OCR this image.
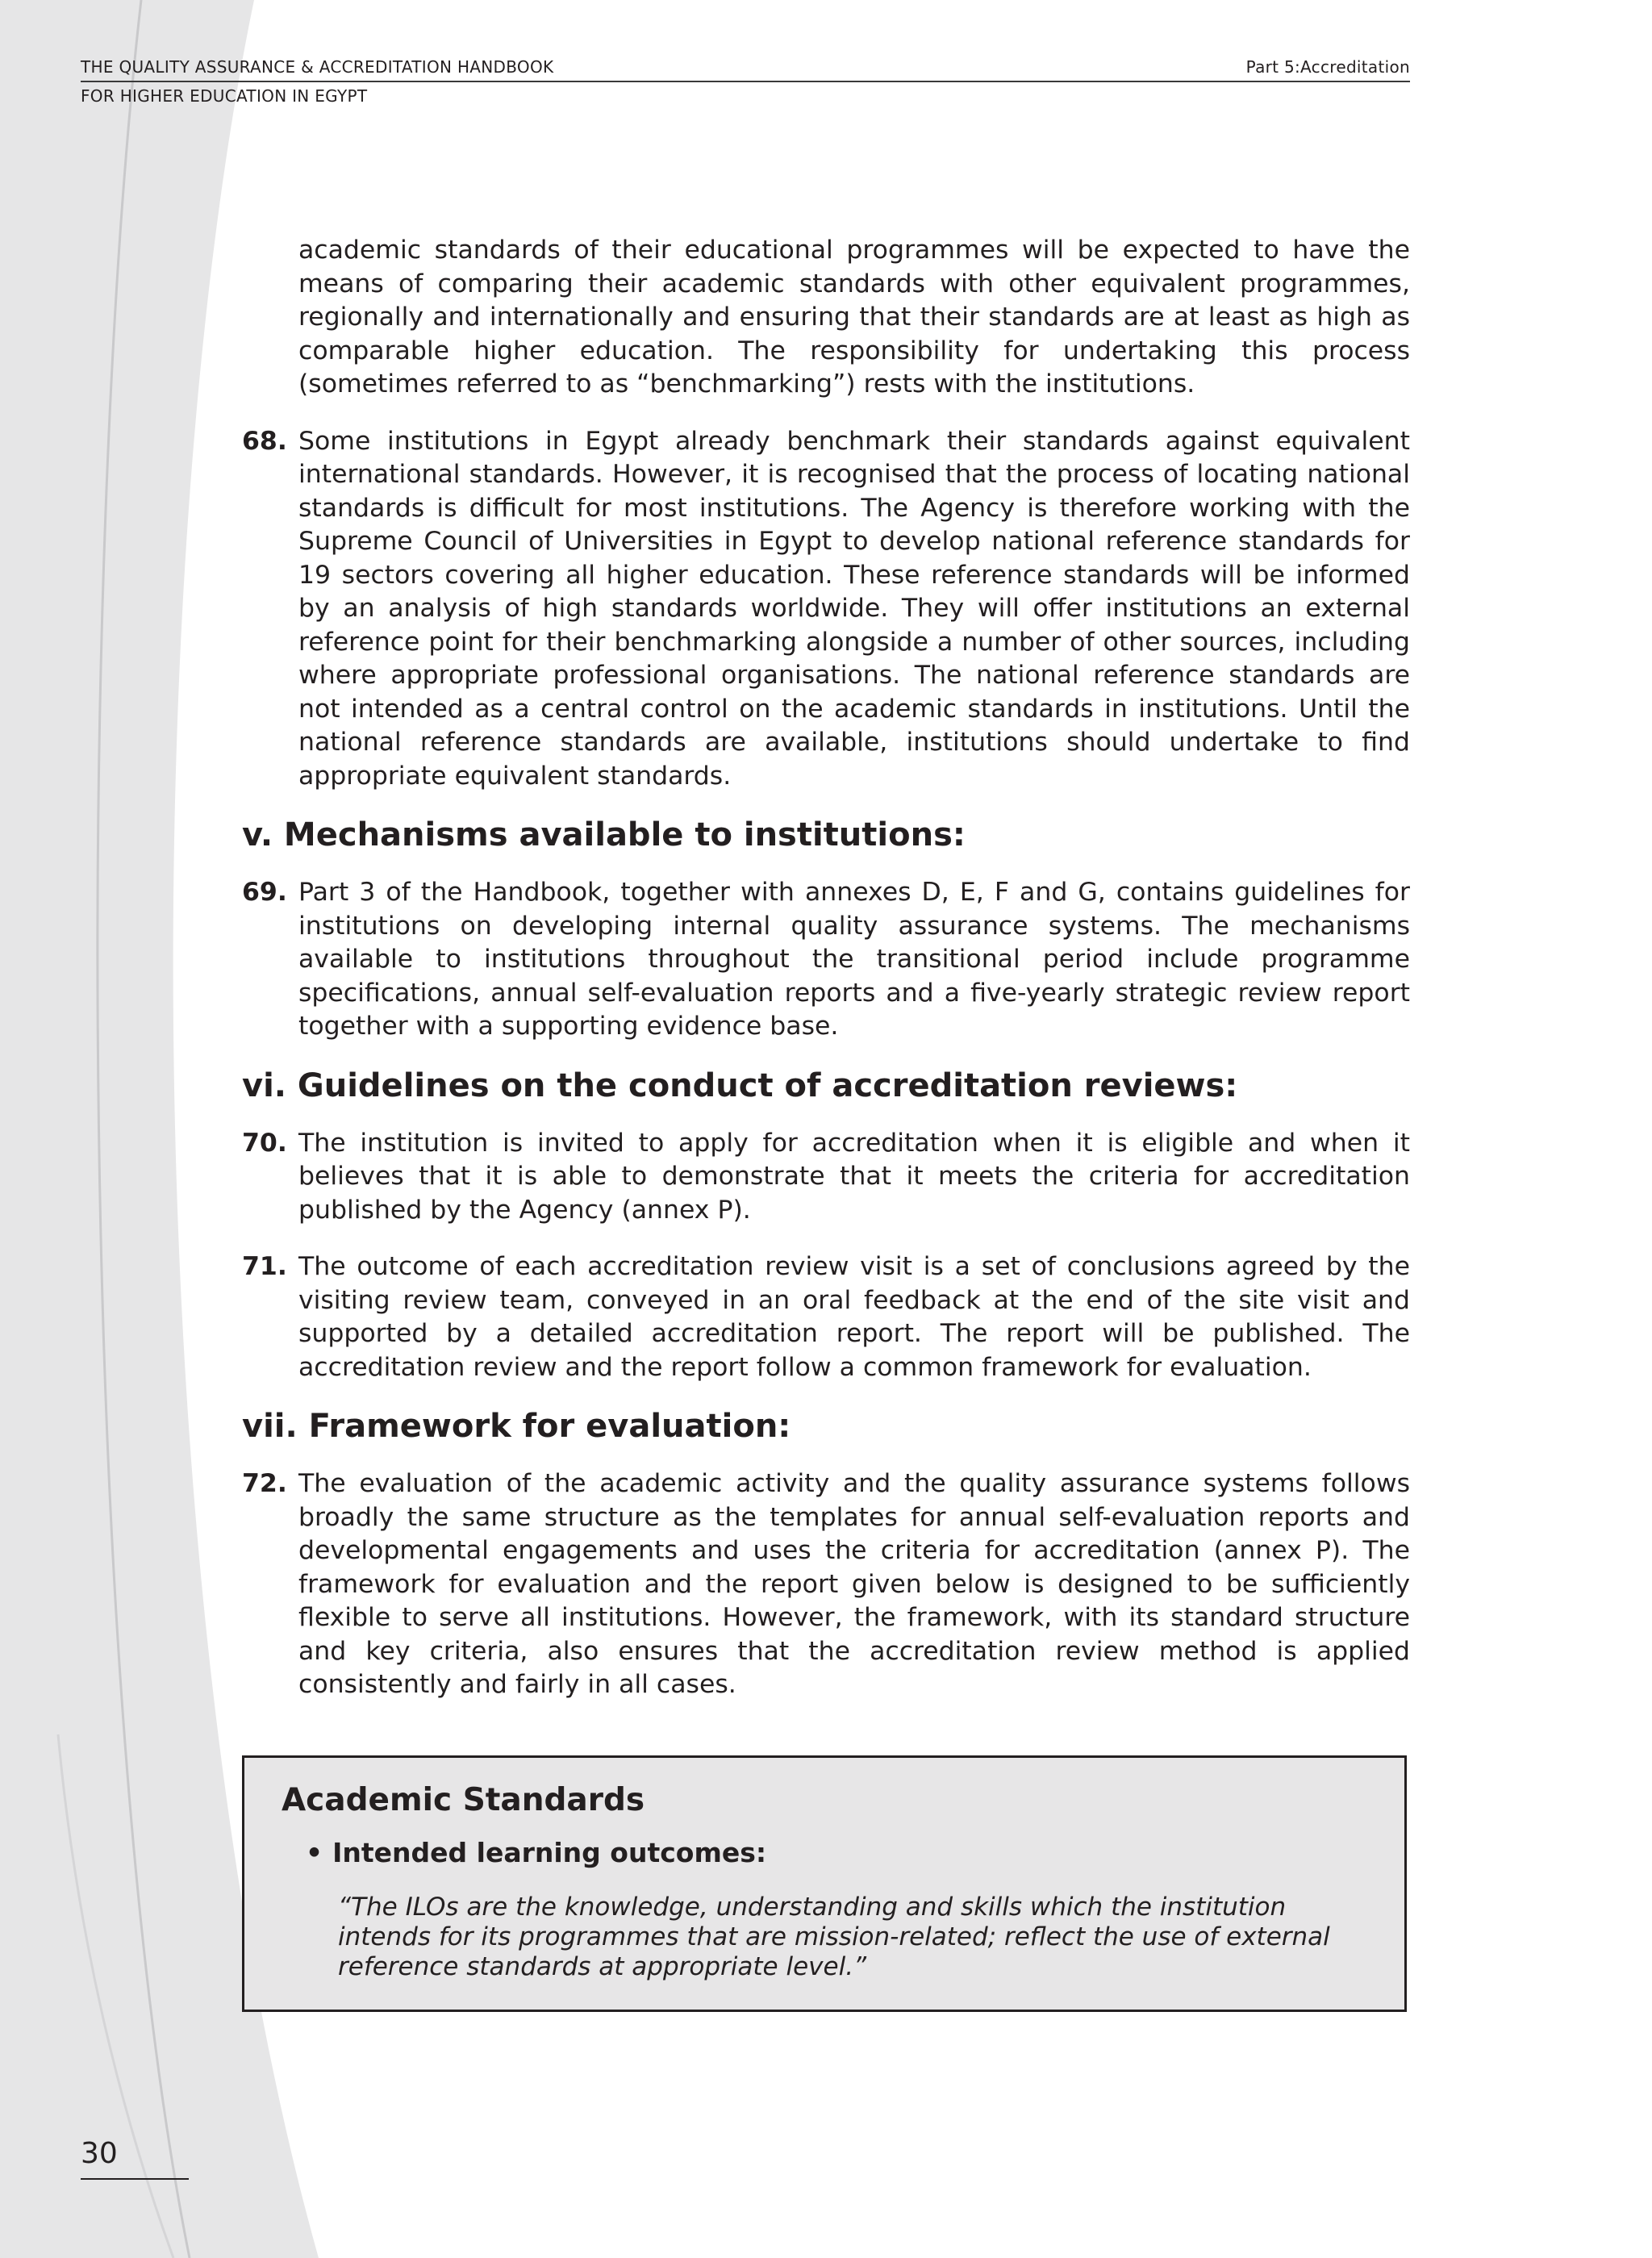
THE QUALITY ASSURANCE & ACCREDITATION HANDBOOK
FOR HIGHER EDUCATION IN EGYPT
Part 5:Accreditation
academic standards of their educational programmes will be expected to have the means of comparing their academic standards with other equivalent programmes, regionally and internationally and ensuring that their standards are at least as high as comparable higher education. The responsibility for undertaking this process (sometimes referred to as “benchmarking”) rests with the institutions.
68. Some institutions in Egypt already benchmark their standards against equivalent international standards. However, it is recognised that the process of locating national standards is difficult for most institutions. The Agency is therefore working with the Supreme Council of Universities in Egypt to develop national reference standards for 19 sectors covering all higher education. These reference standards will be informed by an analysis of high standards worldwide. They will offer institutions an external reference point for their benchmarking alongside a number of other sources, including where appropriate professional organisations. The national reference standards are not intended as a central control on the academic standards in institutions. Until the national reference standards are available, institutions should undertake to find appropriate equivalent standards.
v. Mechanisms available to institutions:
69. Part 3 of the Handbook, together with annexes D, E, F and G, contains guidelines for institutions on developing internal quality assurance systems. The mechanisms available to institutions throughout the transitional period include programme specifications, annual self-evaluation reports and a five-yearly strategic review report together with a supporting evidence base.
vi. Guidelines on the conduct of accreditation reviews:
70. The institution is invited to apply for accreditation when it is eligible and when it believes that it is able to demonstrate that it meets the criteria for accreditation published by the Agency (annex P).
71. The outcome of each accreditation review visit is a set of conclusions agreed by the visiting review team, conveyed in an oral feedback at the end of the site visit and supported by a detailed accreditation report. The report will be published. The accreditation review and the report follow a common framework for evaluation.
vii. Framework for evaluation:
72. The evaluation of the academic activity and the quality assurance systems follows broadly the same structure as the templates for annual self-evaluation reports and developmental engagements and uses the criteria for accreditation (annex P). The framework for evaluation and the report given below is designed to be sufficiently flexible to serve all institutions. However, the framework, with its standard structure and key criteria, also ensures that the accreditation review method is applied consistently and fairly in all cases.
Academic Standards
• Intended learning outcomes:
“The ILOs are the knowledge, understanding and skills which the institution intends for its programmes that are mission-related; reflect the use of external reference standards at appropriate level.”
30
